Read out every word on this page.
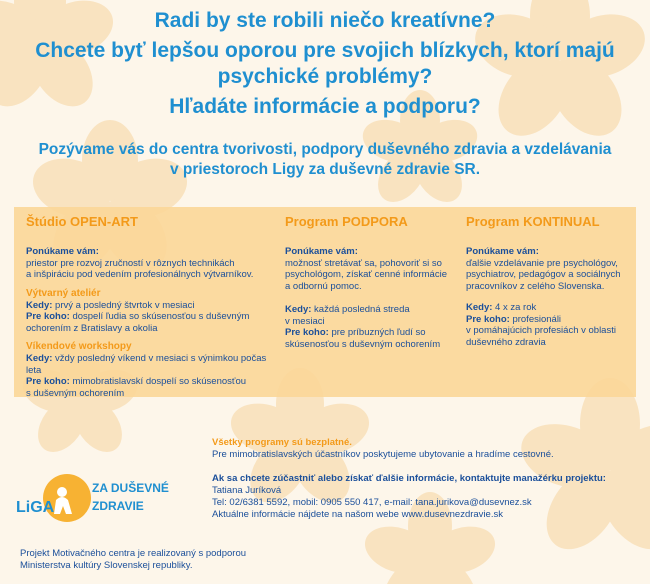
Radi by ste robili niečo kreatívne?
Chcete byť lepšou oporou pre svojich blízkych, ktorí majú
psychické problémy?
Hľadáte informácie a podporu?
Pozývame vás do centra tvorivosti, podpory duševného zdravia a vzdelávania
v priestoroch Ligy za duševné zdravie SR.
Štúdio OPEN-ART
Ponúkame vám:
priestor pre rozvoj zručností v rôznych technikách
a inšpiráciu pod vedením profesionálnych výtvarníkov.
Výtvarný ateliér
Kedy: prvý a posledný štvrtok v mesiaci
Pre koho: dospelí ľudia so skúsenosťou s duševným
ochorením z Bratislavy a okolia
Víkendové workshopy
Kedy: vždy posledný víkend v mesiaci s výnimkou počas leta
Pre koho: mimobratislavskí dospelí so skúsenosťou
s duševným ochorením
Program PODPORA
Ponúkame vám:
možnosť stretávať sa, pohovoriť si so
psychológom, získať cenné informácie
a odbornú pomoc.
Kedy: každá posledná streda
v mesiaci
Pre koho: pre príbuzných ľudí so
skúsenosťou s duševným ochorením
Program KONTINUAL
Ponúkame vám:
ďalšie vzdelávanie pre psychológov,
psychiatrov, pedagógov a sociálnych
pracovníkov z celého Slovenska.
Kedy: 4 x za rok
Pre koho: profesionáli
v pomáhajúcich profesiách v oblasti
duševného zdravia
Všetky programy sú bezplatné.
Pre mimobratislavských účastníkov poskytujeme ubytovanie a hradíme cestovné.
Ak sa chcete zúčastniť alebo získať ďalšie informácie, kontaktujte manažérku projektu:
Tatiana Juríková
Tel: 02/6381 5592, mobil: 0905 550 417, e-mail: tana.jurikova@dusevnez.sk
Aktuálne informácie nájdete na našom webe www.dusevnezdravie.sk
LiGA
ZA DUŠEVNÉ
ZDRAVIE
Projekt Motivačného centra je realizovaný s podporou
Ministerstva kultúry Slovenskej republiky.
